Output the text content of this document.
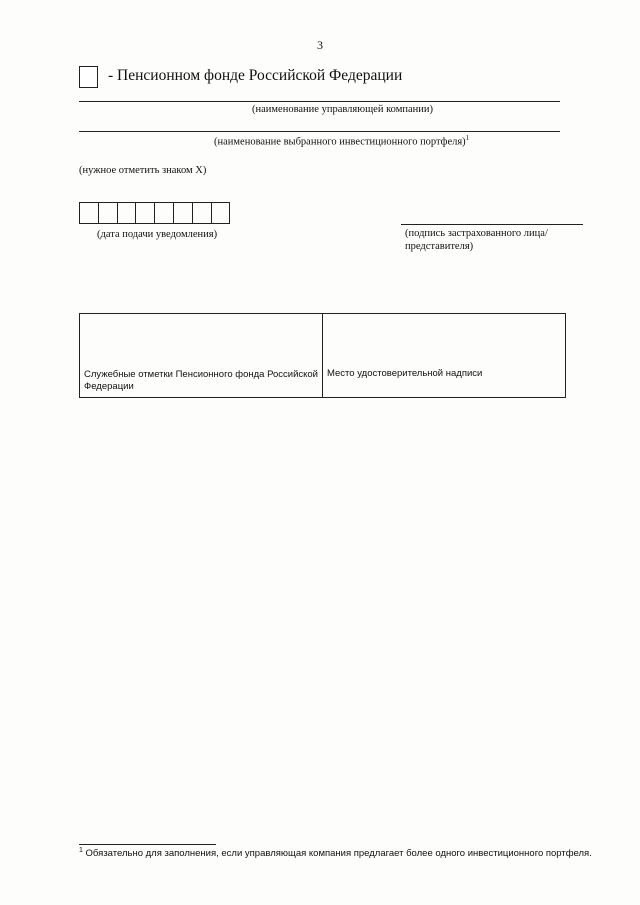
3
- Пенсионном фонде Российской Федерации
(наименование управляющей компании)
(наименование выбранного инвестиционного портфеля)$^1$
(нужное отметить знаком Х)
(дата подачи уведомления)	(подпись застрахованного лица/ представителя)
Служебные отметки Пенсионного фонда Российской Федерации
Место удостоверительной надписи
$^1$ Обязательно для заполнения, если управляющая компания предлагает более одного инвестиционного портфеля.
